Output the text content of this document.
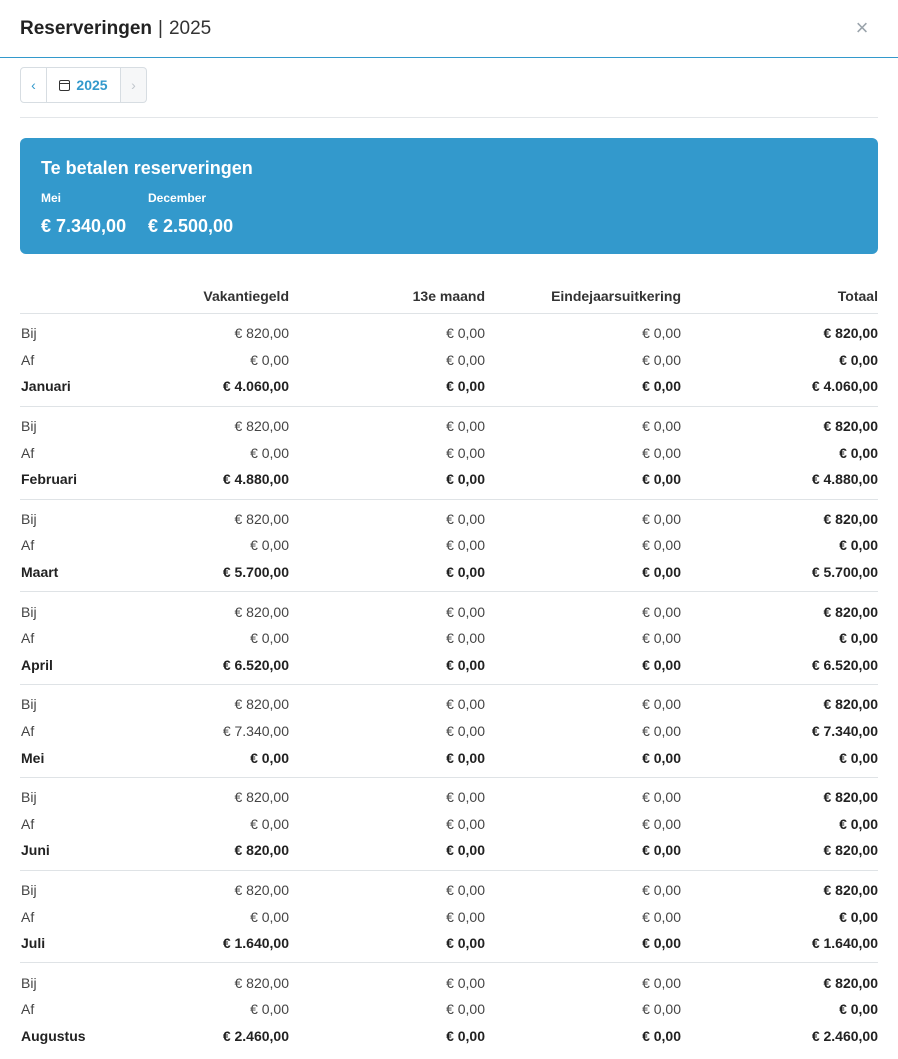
Reserveringen | 2025	×
‹	2025 ›
Te betalen reserveringen
Mei
€ 7.340,00
December
€ 2.500,00
	Vakantiegeld	13e maand	Eindejaarsuitkering	Totaal
Bij	€ 820,00	€ 0,00	€ 0,00	€ 820,00
Af	€ 0,00	€ 0,00	€ 0,00	€ 0,00
Januari	€ 4.060,00	€ 0,00	€ 0,00	€ 4.060,00
Bij	€ 820,00	€ 0,00	€ 0,00	€ 820,00
Af	€ 0,00	€ 0,00	€ 0,00	€ 0,00
Februari	€ 4.880,00	€ 0,00	€ 0,00	€ 4.880,00
Bij	€ 820,00	€ 0,00	€ 0,00	€ 820,00
Af	€ 0,00	€ 0,00	€ 0,00	€ 0,00
Maart	€ 5.700,00	€ 0,00	€ 0,00	€ 5.700,00
Bij	€ 820,00	€ 0,00	€ 0,00	€ 820,00
Af	€ 0,00	€ 0,00	€ 0,00	€ 0,00
April	€ 6.520,00	€ 0,00	€ 0,00	€ 6.520,00
Bij	€ 820,00	€ 0,00	€ 0,00	€ 820,00
Af	€ 7.340,00	€ 0,00	€ 0,00	€ 7.340,00
Mei	€ 0,00	€ 0,00	€ 0,00	€ 0,00
Bij	€ 820,00	€ 0,00	€ 0,00	€ 820,00
Af	€ 0,00	€ 0,00	€ 0,00	€ 0,00
Juni	€ 820,00	€ 0,00	€ 0,00	€ 820,00
Bij	€ 820,00	€ 0,00	€ 0,00	€ 820,00
Af	€ 0,00	€ 0,00	€ 0,00	€ 0,00
Juli	€ 1.640,00	€ 0,00	€ 0,00	€ 1.640,00
Bij	€ 820,00	€ 0,00	€ 0,00	€ 820,00
Af	€ 0,00	€ 0,00	€ 0,00	€ 0,00
Augustus	€ 2.460,00	€ 0,00	€ 0,00	€ 2.460,00
